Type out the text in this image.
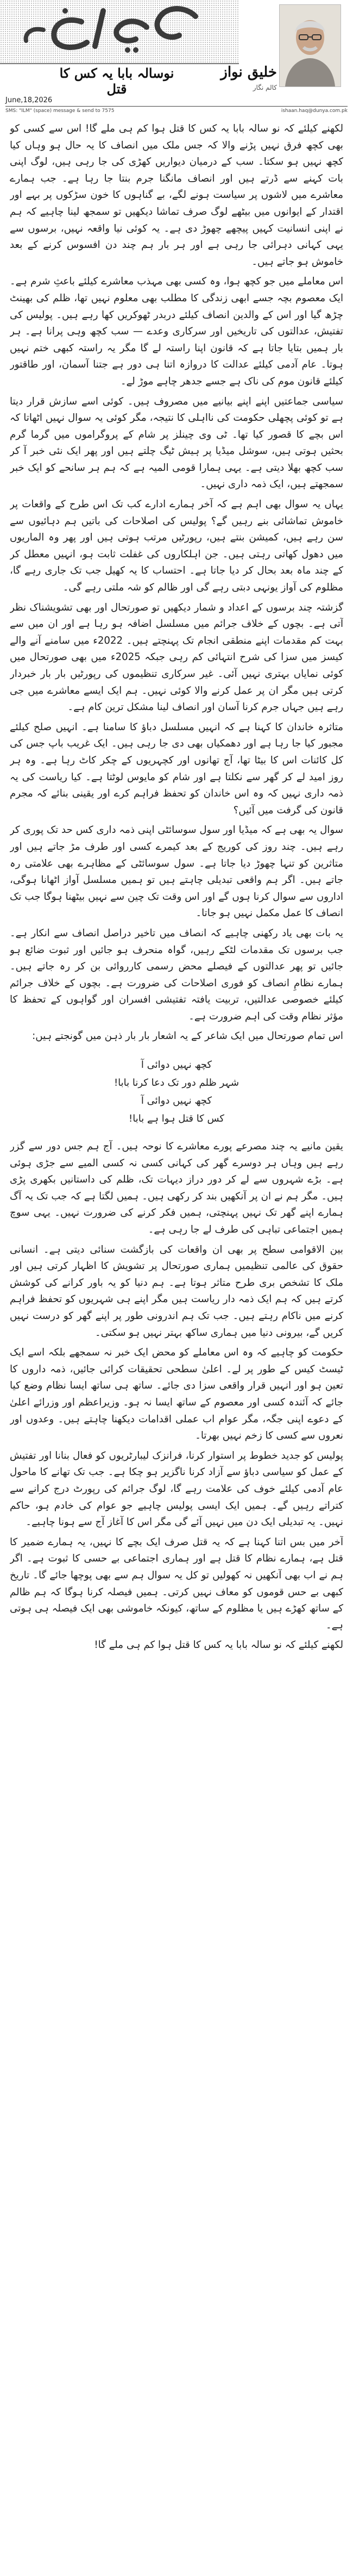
خلیق نواز
کالم نگار
نوسالہ بابا یہ کس کا قتل
June,18,2026
SMS: "ILM" (space) message & send to 7575	ishaan.haq@dunya.com.pk

لکھنے کیلئے کہ نو سالہ بابا یہ کس کا قتل ہوا کم ہی ملے گا! اس سے کسی کو بھی کچھ فرق نہیں پڑنے والا کہ جس ملک میں انصاف کا یہ حال ہو وہاں کیا کچھ نہیں ہو سکتا۔ سب کے درمیان دیواریں کھڑی کی جا رہی ہیں، لوگ اپنی بات کہنے سے ڈرتے ہیں اور انصاف مانگنا جرم بنتا جا رہا ہے۔ جب ہمارے معاشرے میں لاشوں پر سیاست ہونے لگے، بے گناہوں کا خون سڑکوں پر بہے اور اقتدار کے ایوانوں میں بیٹھے لوگ صرف تماشا دیکھیں تو سمجھ لینا چاہیے کہ ہم نے اپنی انسانیت کہیں پیچھے چھوڑ دی ہے۔ یہ کوئی نیا واقعہ نہیں، برسوں سے یہی کہانی دہرائی جا رہی ہے اور ہر بار ہم چند دن افسوس کرنے کے بعد خاموش ہو جاتے ہیں۔

اس معاملے میں جو کچھ ہوا، وہ کسی بھی مہذب معاشرے کیلئے باعثِ شرم ہے۔ ایک معصوم بچہ جسے ابھی زندگی کا مطلب بھی معلوم نہیں تھا، ظلم کی بھینٹ چڑھ گیا اور اس کے والدین انصاف کیلئے دربدر ٹھوکریں کھا رہے ہیں۔ پولیس کی تفتیش، عدالتوں کی تاریخیں اور سرکاری وعدے — سب کچھ وہی پرانا ہے۔ ہر بار ہمیں بتایا جاتا ہے کہ قانون اپنا راستہ لے گا مگر یہ راستہ کبھی ختم نہیں ہوتا۔ عام آدمی کیلئے عدالت کا دروازہ اتنا ہی دور ہے جتنا آسمان، اور طاقتور کیلئے قانون موم کی ناک ہے جسے جدھر چاہے موڑ لے۔

سیاسی جماعتیں اپنے اپنے بیانیے میں مصروف ہیں۔ کوئی اسے سازش قرار دیتا ہے تو کوئی پچھلی حکومت کی نااہلی کا نتیجہ، مگر کوئی یہ سوال نہیں اٹھاتا کہ اس بچے کا قصور کیا تھا۔ ٹی وی چینلز پر شام کے پروگراموں میں گرما گرم بحثیں ہوتی ہیں، سوشل میڈیا پر ہیش ٹیگ چلتے ہیں اور پھر ایک نئی خبر آ کر سب کچھ بھلا دیتی ہے۔ یہی ہمارا قومی المیہ ہے کہ ہم ہر سانحے کو ایک خبر سمجھتے ہیں، ایک ذمہ داری نہیں۔

یہاں یہ سوال بھی اہم ہے کہ آخر ہمارے ادارے کب تک اس طرح کے واقعات پر خاموش تماشائی بنے رہیں گے؟ پولیس کی اصلاحات کی باتیں ہم دہائیوں سے سن رہے ہیں، کمیشن بنتے ہیں، رپورٹیں مرتب ہوتی ہیں اور پھر وہ الماریوں میں دھول کھاتی رہتی ہیں۔ جن اہلکاروں کی غفلت ثابت ہو، انہیں معطل کر کے چند ماہ بعد بحال کر دیا جاتا ہے۔ احتساب کا یہ کھیل جب تک جاری رہے گا، مظلوم کی آواز یونہی دبتی رہے گی اور ظالم کو شہ ملتی رہے گی۔

گزشتہ چند برسوں کے اعداد و شمار دیکھیں تو صورتحال اور بھی تشویشناک نظر آتی ہے۔ بچوں کے خلاف جرائم میں مسلسل اضافہ ہو رہا ہے اور ان میں سے بہت کم مقدمات اپنے منطقی انجام تک پہنچتے ہیں۔ 2022ء میں سامنے آنے والے کیسز میں سزا کی شرح انتہائی کم رہی جبکہ 2025ء میں بھی صورتحال میں کوئی نمایاں بہتری نہیں آئی۔ غیر سرکاری تنظیموں کی رپورٹیں بار بار خبردار کرتی ہیں مگر ان پر عمل کرنے والا کوئی نہیں۔ ہم ایک ایسے معاشرے میں جی رہے ہیں جہاں جرم کرنا آسان اور انصاف لینا مشکل ترین کام ہے۔

متاثرہ خاندان کا کہنا ہے کہ انہیں مسلسل دباؤ کا سامنا ہے۔ انہیں صلح کیلئے مجبور کیا جا رہا ہے اور دھمکیاں بھی دی جا رہی ہیں۔ ایک غریب باپ جس کی کل کائنات اس کا بیٹا تھا، آج تھانوں اور کچہریوں کے چکر کاٹ رہا ہے۔ وہ ہر روز امید لے کر گھر سے نکلتا ہے اور شام کو مایوس لوٹتا ہے۔ کیا ریاست کی یہ ذمہ داری نہیں کہ وہ اس خاندان کو تحفظ فراہم کرے اور یقینی بنائے کہ مجرم قانون کی گرفت میں آئیں؟

سوال یہ بھی ہے کہ میڈیا اور سول سوسائٹی اپنی ذمہ داری کس حد تک پوری کر رہے ہیں۔ چند روز کی کوریج کے بعد کیمرے کسی اور طرف مڑ جاتے ہیں اور متاثرین کو تنہا چھوڑ دیا جاتا ہے۔ سول سوسائٹی کے مظاہرے بھی علامتی رہ جاتے ہیں۔ اگر ہم واقعی تبدیلی چاہتے ہیں تو ہمیں مسلسل آواز اٹھانا ہوگی، اداروں سے سوال کرنا ہوں گے اور اس وقت تک چین سے نہیں بیٹھنا ہوگا جب تک انصاف کا عمل مکمل نہیں ہو جاتا۔

یہ بات بھی یاد رکھنی چاہیے کہ انصاف میں تاخیر دراصل انصاف سے انکار ہے۔ جب برسوں تک مقدمات لٹکے رہیں، گواہ منحرف ہو جائیں اور ثبوت ضائع ہو جائیں تو پھر عدالتوں کے فیصلے محض رسمی کارروائی بن کر رہ جاتے ہیں۔ ہمارے نظامِ انصاف کو فوری اصلاحات کی ضرورت ہے۔ بچوں کے خلاف جرائم کیلئے خصوصی عدالتیں، تربیت یافتہ تفتیشی افسران اور گواہوں کے تحفظ کا مؤثر نظام وقت کی اہم ضرورت ہے۔

اس تمام صورتحال میں ایک شاعر کے یہ اشعار بار بار ذہن میں گونجتے ہیں:

کچھ نہیں دوائی آ
شہر ظلم دور تک دعا کرنا بابا!
کچھ نہیں دوائی آ
کس کا قتل ہوا ہے بابا!

یقین مانیے یہ چند مصرعے پورے معاشرے کا نوحہ ہیں۔ آج ہم جس دور سے گزر رہے ہیں وہاں ہر دوسرے گھر کی کہانی کسی نہ کسی المیے سے جڑی ہوئی ہے۔ بڑے شہروں سے لے کر دور دراز دیہات تک، ظلم کی داستانیں بکھری پڑی ہیں۔ مگر ہم نے ان پر آنکھیں بند کر رکھی ہیں۔ ہمیں لگتا ہے کہ جب تک یہ آگ ہمارے اپنے گھر تک نہیں پہنچتی، ہمیں فکر کرنے کی ضرورت نہیں۔ یہی سوچ ہمیں اجتماعی تباہی کی طرف لے جا رہی ہے۔

بین الاقوامی سطح پر بھی ان واقعات کی بازگشت سنائی دیتی ہے۔ انسانی حقوق کی عالمی تنظیمیں ہماری صورتحال پر تشویش کا اظہار کرتی ہیں اور ملک کا تشخص بری طرح متاثر ہوتا ہے۔ ہم دنیا کو یہ باور کرانے کی کوشش کرتے ہیں کہ ہم ایک ذمہ دار ریاست ہیں مگر اپنے ہی شہریوں کو تحفظ فراہم کرنے میں ناکام رہتے ہیں۔ جب تک ہم اندرونی طور پر اپنے گھر کو درست نہیں کریں گے، بیرونی دنیا میں ہماری ساکھ بہتر نہیں ہو سکتی۔

حکومت کو چاہیے کہ وہ اس معاملے کو محض ایک خبر نہ سمجھے بلکہ اسے ایک ٹیسٹ کیس کے طور پر لے۔ اعلیٰ سطحی تحقیقات کرائی جائیں، ذمہ داروں کا تعین ہو اور انہیں قرار واقعی سزا دی جائے۔ ساتھ ہی ساتھ ایسا نظام وضع کیا جائے کہ آئندہ کسی اور معصوم کے ساتھ ایسا نہ ہو۔ وزیراعظم اور وزرائے اعلیٰ کے دعوے اپنی جگہ، مگر عوام اب عملی اقدامات دیکھنا چاہتے ہیں۔ وعدوں اور نعروں سے کسی کا زخم نہیں بھرتا۔

پولیس کو جدید خطوط پر استوار کرنا، فرانزک لیبارٹریوں کو فعال بنانا اور تفتیش کے عمل کو سیاسی دباؤ سے آزاد کرنا ناگزیر ہو چکا ہے۔ جب تک تھانے کا ماحول عام آدمی کیلئے خوف کی علامت رہے گا، لوگ جرائم کی رپورٹ درج کرانے سے کتراتے رہیں گے۔ ہمیں ایک ایسی پولیس چاہیے جو عوام کی خادم ہو، حاکم نہیں۔ یہ تبدیلی ایک دن میں نہیں آئے گی مگر اس کا آغاز آج سے ہونا چاہیے۔

آخر میں بس اتنا کہنا ہے کہ یہ قتل صرف ایک بچے کا نہیں، یہ ہمارے ضمیر کا قتل ہے، ہمارے نظام کا قتل ہے اور ہماری اجتماعی بے حسی کا ثبوت ہے۔ اگر ہم نے اب بھی آنکھیں نہ کھولیں تو کل یہ سوال ہم سے بھی پوچھا جائے گا۔ تاریخ کبھی بے حس قوموں کو معاف نہیں کرتی۔ ہمیں فیصلہ کرنا ہوگا کہ ہم ظالم کے ساتھ کھڑے ہیں یا مظلوم کے ساتھ، کیونکہ خاموشی بھی ایک فیصلہ ہی ہوتی ہے۔

لکھنے کیلئے کہ نو سالہ بابا یہ کس کا قتل ہوا کم ہی ملے گا!
